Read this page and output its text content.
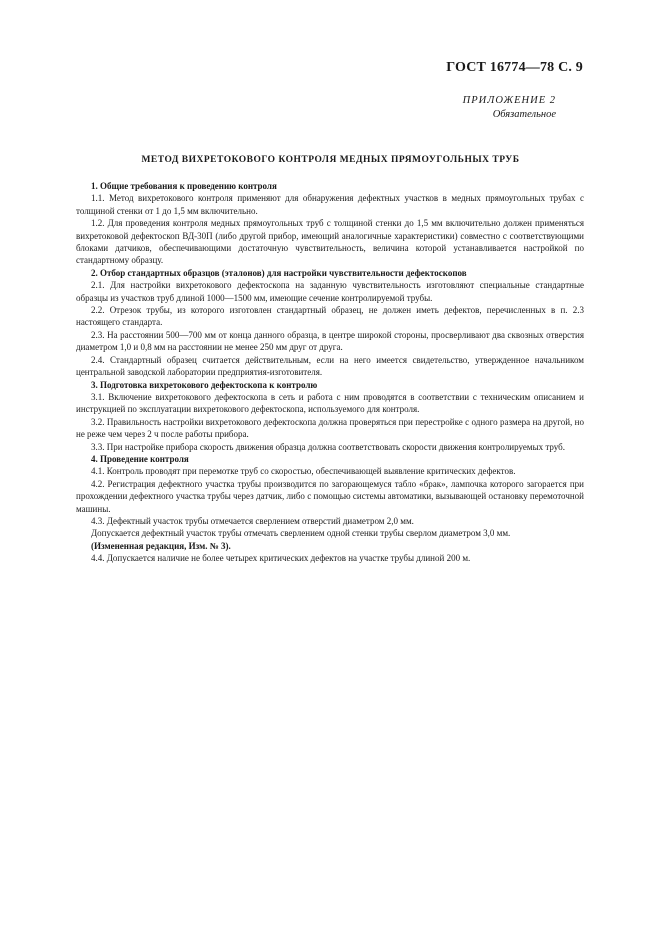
ГОСТ 16774—78 С. 9
ПРИЛОЖЕНИЕ 2
Обязательное
МЕТОД ВИХРЕТОКОВОГО КОНТРОЛЯ МЕДНЫХ ПРЯМОУГОЛЬНЫХ ТРУБ

1. Общие требования к проведению контроля

1.1. Метод вихретокового контроля применяют для обнаружения дефектных участков в медных прямоугольных трубах с толщиной стенки от 1 до 1,5 мм включительно.

1.2. Для проведения контроля медных прямоугольных труб с толщиной стенки до 1,5 мм включительно должен применяться вихретоковой дефектоскоп ВД-30П (либо другой прибор, имеющий аналогичные характеристики) совместно с соответствующими блоками датчиков, обеспечивающими достаточную чувствительность, величина которой устанавливается настройкой по стандартному образцу.

2. Отбор стандартных образцов (эталонов) для настройки чувствительности дефектоскопов

2.1. Для настройки вихретокового дефектоскопа на заданную чувствительность изготовляют специальные стандартные образцы из участков труб длиной 1000—1500 мм, имеющие сечение контролируемой трубы.

2.2. Отрезок трубы, из которого изготовлен стандартный образец, не должен иметь дефектов, перечисленных в п. 2.3 настоящего стандарта.

2.3. На расстоянии 500—700 мм от конца данного образца, в центре широкой стороны, просверливают два сквозных отверстия диаметром 1,0 и 0,8 мм на расстоянии не менее 250 мм друг от друга.

2.4. Стандартный образец считается действительным, если на него имеется свидетельство, утвержденное начальником центральной заводской лаборатории предприятия-изготовителя.

3. Подготовка вихретокового дефектоскопа к контролю

3.1. Включение вихретокового дефектоскопа в сеть и работа с ним проводятся в соответствии с техническим описанием и инструкцией по эксплуатации вихретокового дефектоскопа, используемого для контроля.

3.2. Правильность настройки вихретокового дефектоскопа должна проверяться при перестройке с одного размера на другой, но не реже чем через 2 ч после работы прибора.

3.3. При настройке прибора скорость движения образца должна соответствовать скорости движения контролируемых труб.

4. Проведение контроля

4.1. Контроль проводят при перемотке труб со скоростью, обеспечивающей выявление критических дефектов.

4.2. Регистрация дефектного участка трубы производится по загорающемуся табло «брак», лампочка которого загорается при прохождении дефектного участка трубы через датчик, либо с помощью системы автоматики, вызывающей остановку перемоточной машины.

4.3. Дефектный участок трубы отмечается сверлением отверстий диаметром 2,0 мм.

Допускается дефектный участок трубы отмечать сверлением одной стенки трубы сверлом диаметром 3,0 мм.

(Измененная редакция, Изм. № 3).

4.4. Допускается наличие не более четырех критических дефектов на участке трубы длиной 200 м.
